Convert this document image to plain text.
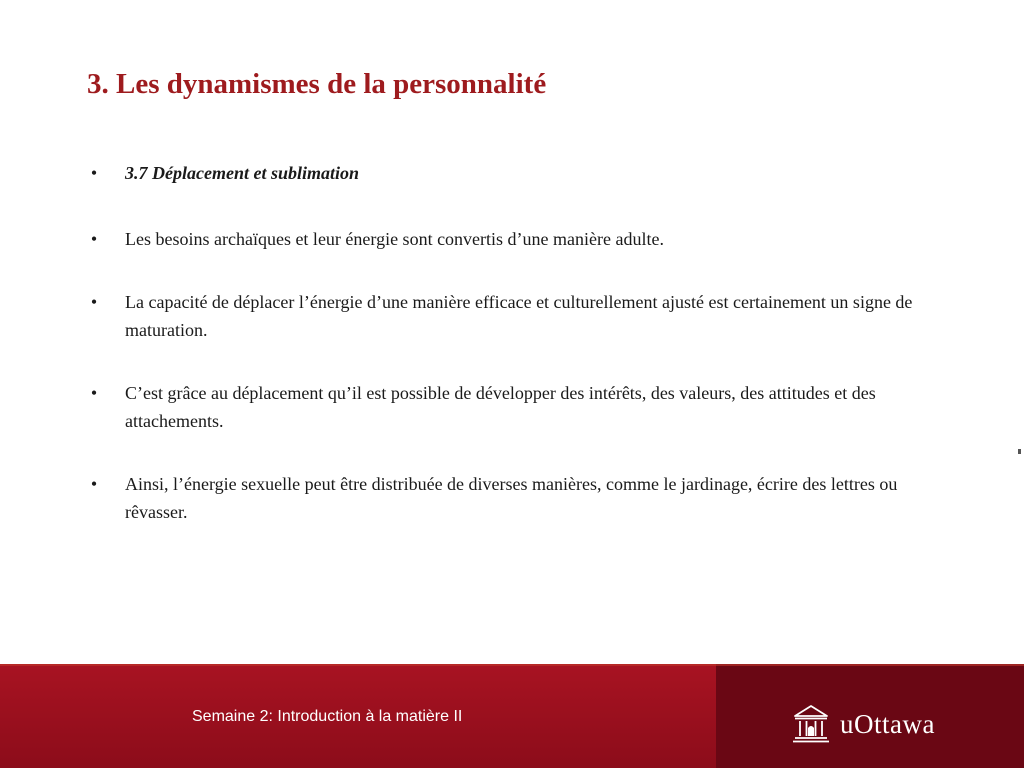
3. Les dynamismes de la personnalité
• 3.7 Déplacement et sublimation
• Les besoins archaïques et leur énergie sont convertis d’une manière adulte.
• La capacité de déplacer l’énergie d’une manière efficace et culturellement ajusté est certainement un signe de maturation.
• C’est grâce au déplacement qu’il est possible de développer des intérêts, des valeurs, des attitudes et des attachements.
• Ainsi, l’énergie sexuelle peut être distribuée de diverses manières, comme le jardinage, écrire des lettres ou rêvasser.
Semaine 2: Introduction à la matière II	uOttawa
